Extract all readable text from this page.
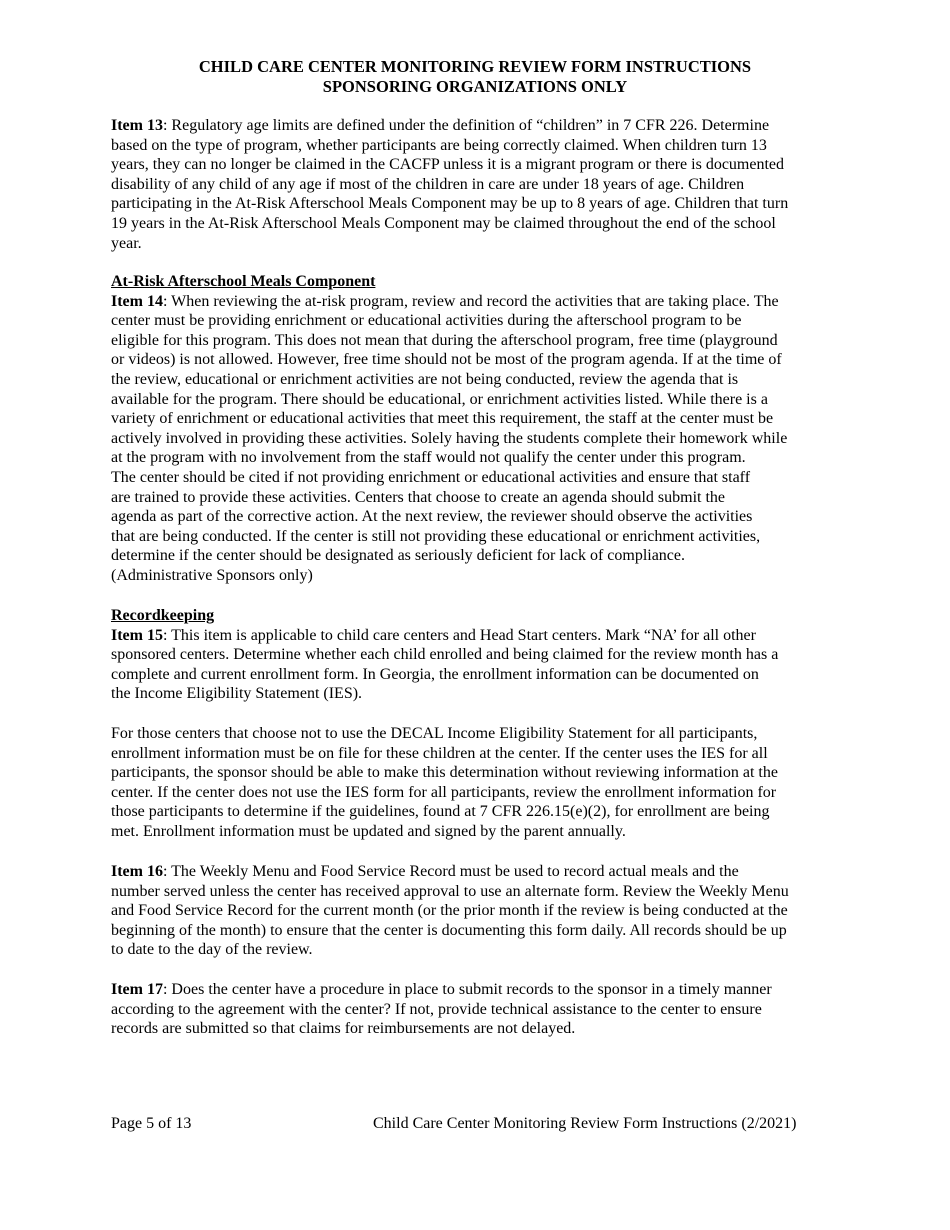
CHILD CARE CENTER MONITORING REVIEW FORM INSTRUCTIONS
SPONSORING ORGANIZATIONS ONLY
Item 13: Regulatory age limits are defined under the definition of “children” in 7 CFR 226. Determine
based on the type of program, whether participants are being correctly claimed. When children turn 13
years, they can no longer be claimed in the CACFP unless it is a migrant program or there is documented
disability of any child of any age if most of the children in care are under 18 years of age. Children
participating in the At-Risk Afterschool Meals Component may be up to 8 years of age. Children that turn
19 years in the At-Risk Afterschool Meals Component may be claimed throughout the end of the school
year.
At-Risk Afterschool Meals Component
Item 14: When reviewing the at-risk program, review and record the activities that are taking place. The
center must be providing enrichment or educational activities during the afterschool program to be
eligible for this program. This does not mean that during the afterschool program, free time (playground
or videos) is not allowed. However, free time should not be most of the program agenda. If at the time of
the review, educational or enrichment activities are not being conducted, review the agenda that is
available for the program. There should be educational, or enrichment activities listed. While there is a
variety of enrichment or educational activities that meet this requirement, the staff at the center must be
actively involved in providing these activities. Solely having the students complete their homework while
at the program with no involvement from the staff would not qualify the center under this program.
The center should be cited if not providing enrichment or educational activities and ensure that staff
are trained to provide these activities. Centers that choose to create an agenda should submit the
agenda as part of the corrective action. At the next review, the reviewer should observe the activities
that are being conducted. If the center is still not providing these educational or enrichment activities,
determine if the center should be designated as seriously deficient for lack of compliance.
(Administrative Sponsors only)
Recordkeeping
Item 15: This item is applicable to child care centers and Head Start centers. Mark “NA’ for all other
sponsored centers. Determine whether each child enrolled and being claimed for the review month has a
complete and current enrollment form. In Georgia, the enrollment information can be documented on
the Income Eligibility Statement (IES).
For those centers that choose not to use the DECAL Income Eligibility Statement for all participants,
enrollment information must be on file for these children at the center. If the center uses the IES for all
participants, the sponsor should be able to make this determination without reviewing information at the
center. If the center does not use the IES form for all participants, review the enrollment information for
those participants to determine if the guidelines, found at 7 CFR 226.15(e)(2), for enrollment are being
met. Enrollment information must be updated and signed by the parent annually.
Item 16: The Weekly Menu and Food Service Record must be used to record actual meals and the
number served unless the center has received approval to use an alternate form. Review the Weekly Menu
and Food Service Record for the current month (or the prior month if the review is being conducted at the
beginning of the month) to ensure that the center is documenting this form daily. All records should be up
to date to the day of the review.
Item 17: Does the center have a procedure in place to submit records to the sponsor in a timely manner
according to the agreement with the center? If not, provide technical assistance to the center to ensure
records are submitted so that claims for reimbursements are not delayed.
Page 5 of 13	Child Care Center Monitoring Review Form Instructions (2/2021)
